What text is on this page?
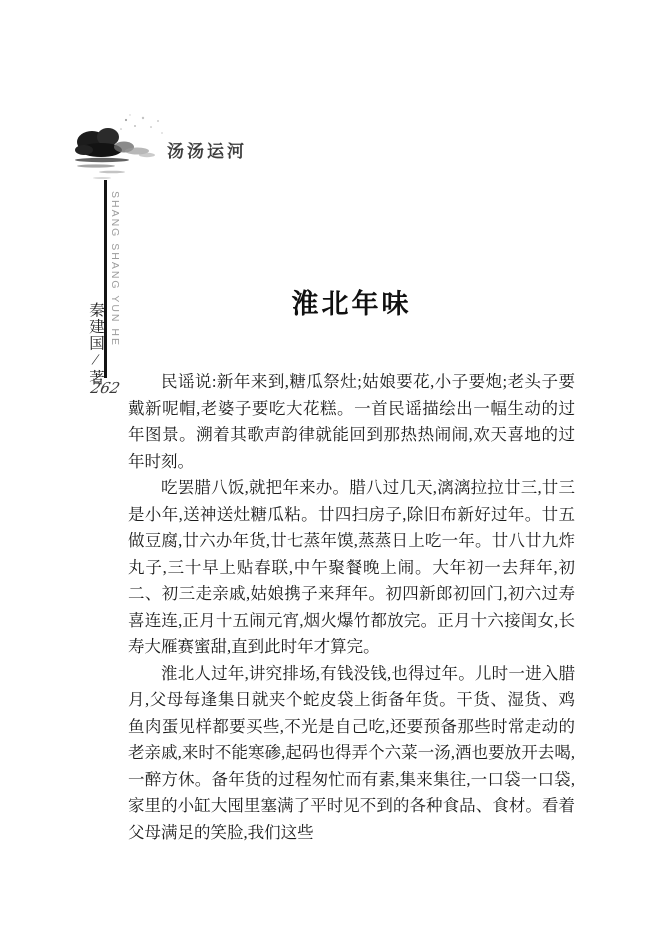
汤汤运河
SHANG SHANG YUN HE
秦建国∕著
262
淮北年味

民谣说:新年来到,糖瓜祭灶;姑娘要花,小子要炮;老头子要戴新呢帽,老婆子要吃大花糕。一首民谣描绘出一幅生动的过年图景。溯着其歌声韵律就能回到那热热闹闹,欢天喜地的过年时刻。

吃罢腊八饭,就把年来办。腊八过几天,漓漓拉拉廿三,廿三是小年,送神送灶糖瓜粘。廿四扫房子,除旧布新好过年。廿五做豆腐,廿六办年货,廿七蒸年馍,蒸蒸日上吃一年。廿八廿九炸丸子,三十早上贴春联,中午聚餐晚上闹。大年初一去拜年,初二、初三走亲戚,姑娘携子来拜年。初四新郎初回门,初六过寿喜连连,正月十五闹元宵,烟火爆竹都放完。正月十六接闺女,长寿大雁赛蜜甜,直到此时年才算完。

淮北人过年,讲究排场,有钱没钱,也得过年。儿时一进入腊月,父母每逢集日就夹个蛇皮袋上街备年货。干货、湿货、鸡鱼肉蛋见样都要买些,不光是自己吃,还要预备那些时常走动的老亲戚,来时不能寒碜,起码也得弄个六菜一汤,酒也要放开去喝,一醉方休。备年货的过程匆忙而有素,集来集往,一口袋一口袋,家里的小缸大囤里塞满了平时见不到的各种食品、食材。看着父母满足的笑脸,我们这些
